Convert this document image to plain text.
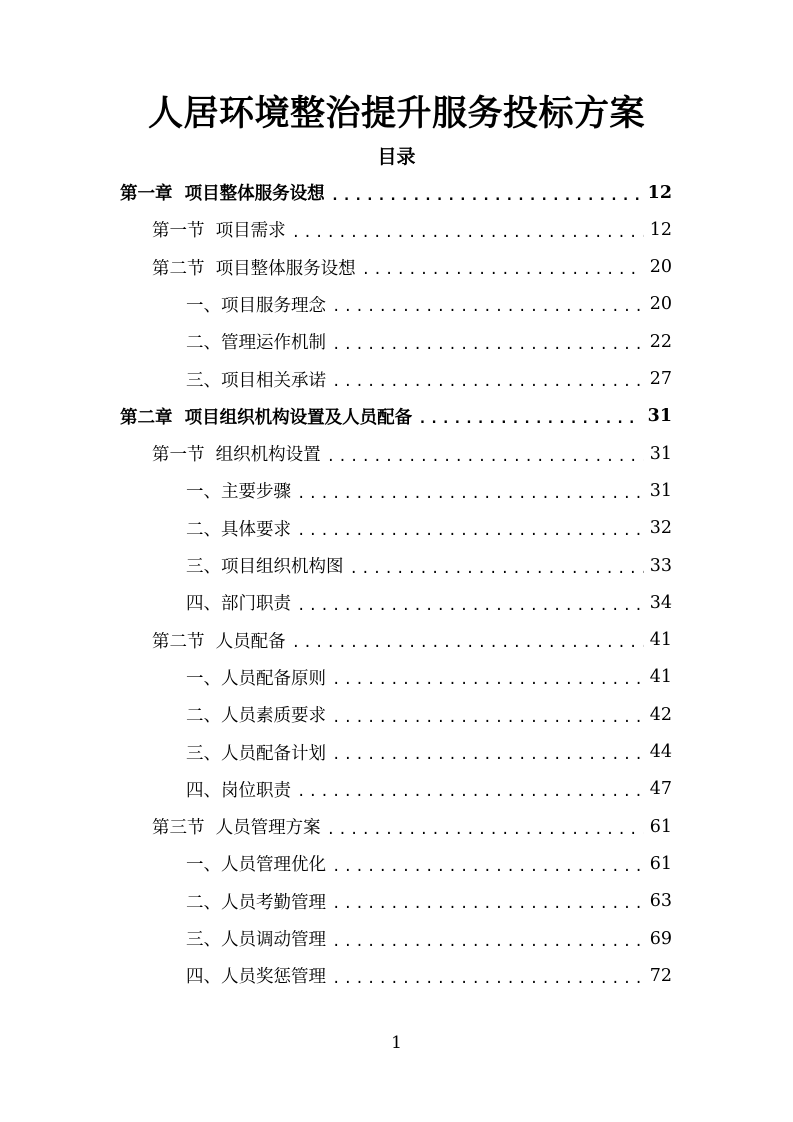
人居环境整治提升服务投标方案
目录
第一章  项目整体服务设想 .....	12
第一节  项目需求 .....	12
第二节  项目整体服务设想 .....	20
一、项目服务理念 .....	20
二、管理运作机制 .....	22
三、项目相关承诺 .....	27
第二章  项目组织机构设置及人员配备 .....	31
第一节  组织机构设置 .....	31
一、主要步骤 .....	31
二、具体要求 .....	32
三、项目组织机构图 .....	33
四、部门职责 .....	34
第二节  人员配备 .....	41
一、人员配备原则 .....	41
二、人员素质要求 .....	42
三、人员配备计划 .....	44
四、岗位职责 .....	47
第三节  人员管理方案 .....	61
一、人员管理优化 .....	61
二、人员考勤管理 .....	63
三、人员调动管理 .....	69
四、人员奖惩管理 .....	72
1
